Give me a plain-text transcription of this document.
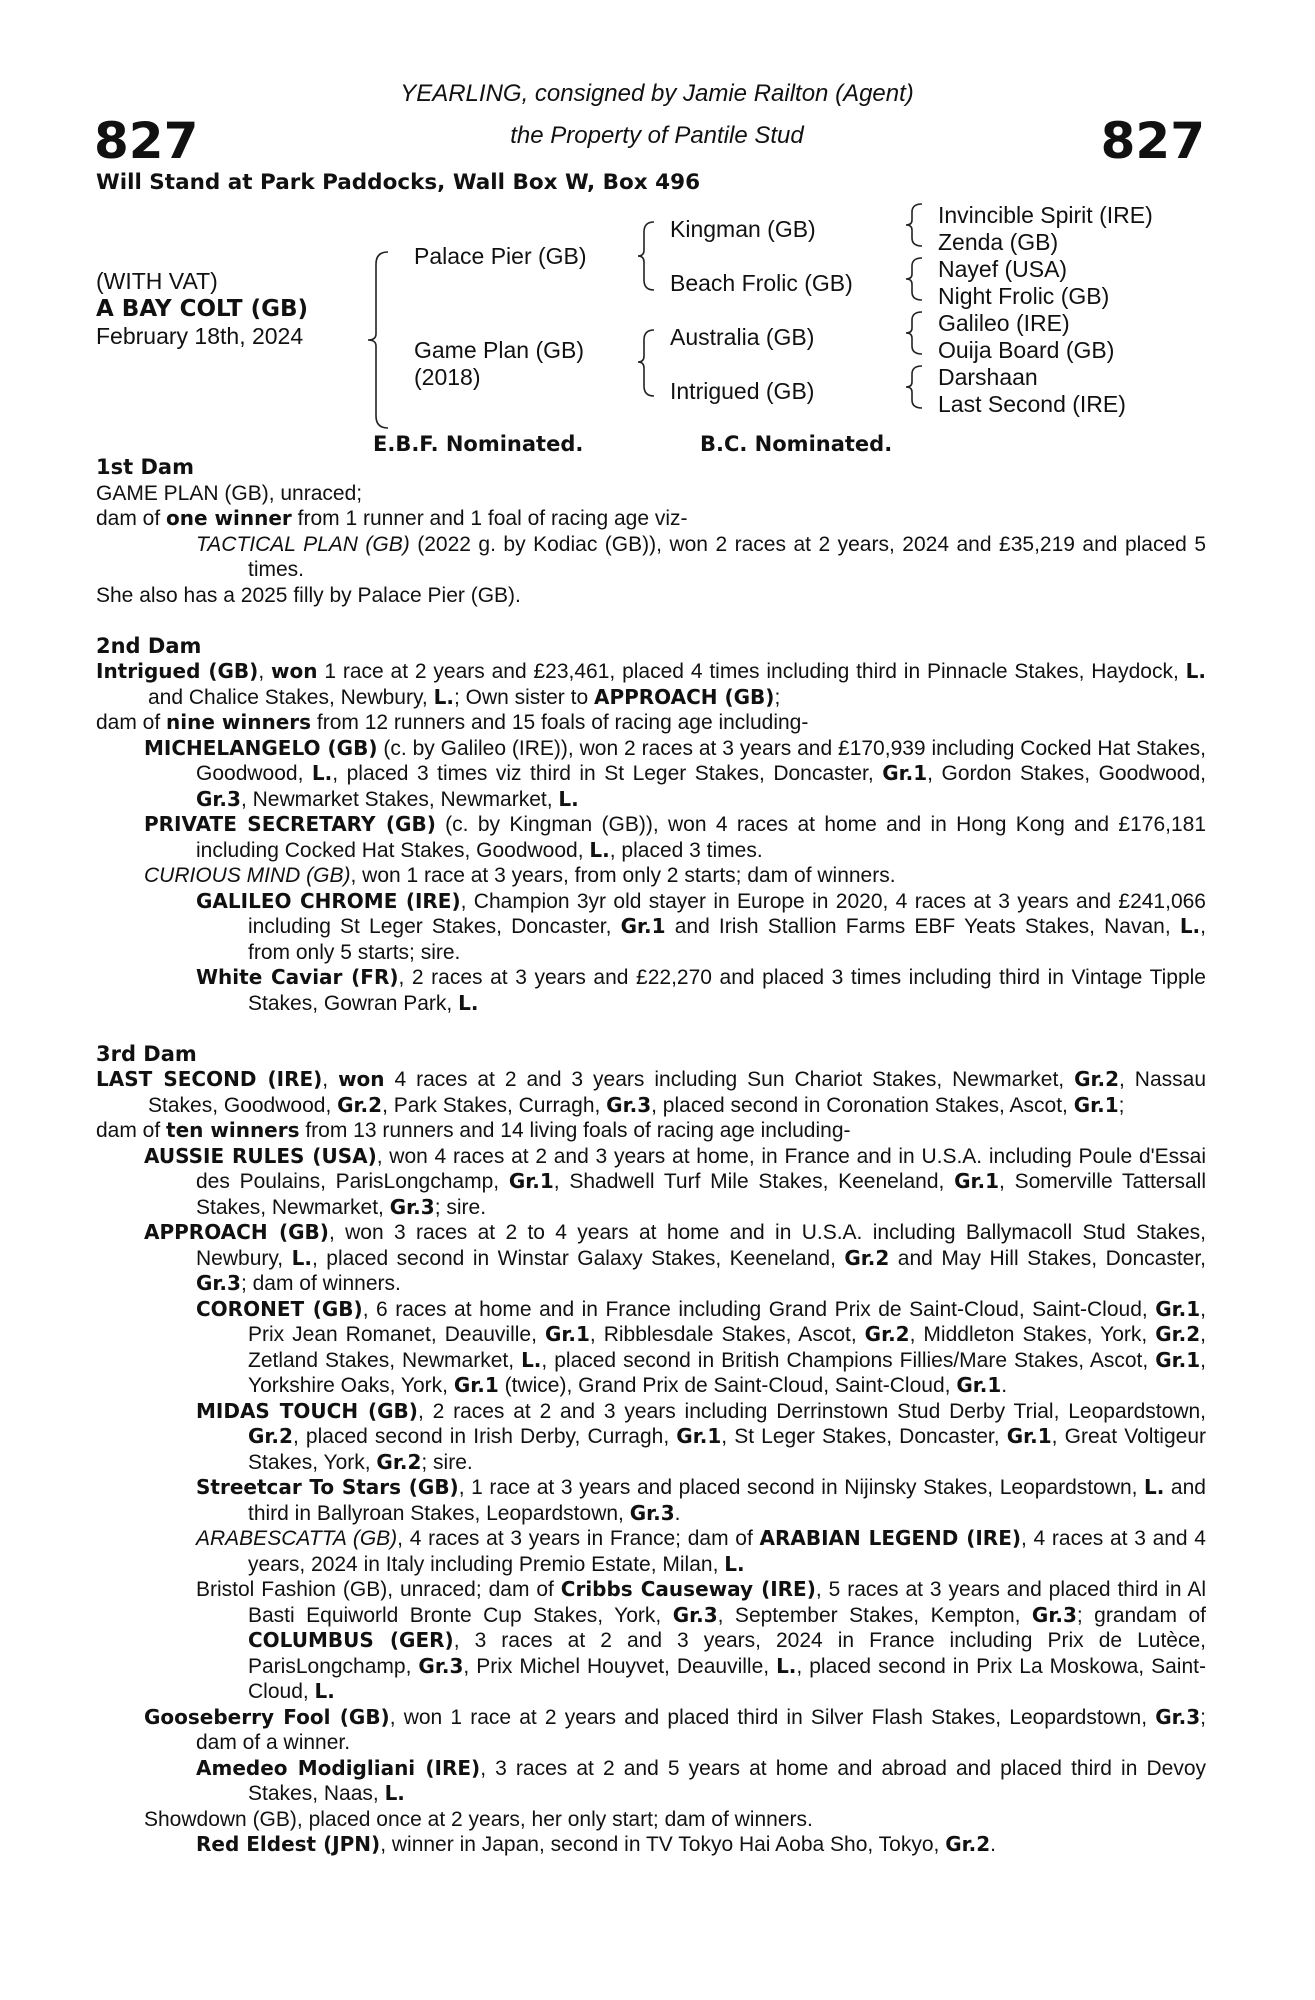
827	827
YEARLING, consigned by Jamie Railton (Agent)
the Property of Pantile Stud
Will Stand at Park Paddocks, Wall Box W, Box 496
(WITH VAT)
A BAY COLT (GB)
February 18th, 2024
Palace Pier (GB)
Game Plan (GB)
(2018)
Kingman (GB)
Beach Frolic (GB)
Australia (GB)
Intrigued (GB)
Invincible Spirit (IRE)
Zenda (GB)
Nayef (USA)
Night Frolic (GB)
Galileo (IRE)
Ouija Board (GB)
Darshaan
Last Second (IRE)
E.B.F. Nominated.	B.C. Nominated.

1st Dam

GAME PLAN (GB), unraced;

dam of one winner from 1 runner and 1 foal of racing age viz-

TACTICAL PLAN (GB) (2022 g. by Kodiac (GB)), won 2 races at 2 years, 2024 and £35,219 and placed 5 times.

She also has a 2025 filly by Palace Pier (GB).

2nd Dam

Intrigued (GB), won 1 race at 2 years and £23,461, placed 4 times including third in Pinnacle Stakes, Haydock, L. and Chalice Stakes, Newbury, L.; Own sister to APPROACH (GB);

dam of nine winners from 12 runners and 15 foals of racing age including-

MICHELANGELO (GB) (c. by Galileo (IRE)), won 2 races at 3 years and £170,939 including Cocked Hat Stakes, Goodwood, L., placed 3 times viz third in St Leger Stakes, Doncaster, Gr.1, Gordon Stakes, Goodwood, Gr.3, Newmarket Stakes, Newmarket, L.

PRIVATE SECRETARY (GB) (c. by Kingman (GB)), won 4 races at home and in Hong Kong and £176,181 including Cocked Hat Stakes, Goodwood, L., placed 3 times.

CURIOUS MIND (GB), won 1 race at 3 years, from only 2 starts; dam of winners.

GALILEO CHROME (IRE), Champion 3yr old stayer in Europe in 2020, 4 races at 3 years and £241,066 including St Leger Stakes, Doncaster, Gr.1 and Irish Stallion Farms EBF Yeats Stakes, Navan, L., from only 5 starts; sire.

White Caviar (FR), 2 races at 3 years and £22,270 and placed 3 times including third in Vintage Tipple Stakes, Gowran Park, L.

3rd Dam

LAST SECOND (IRE), won 4 races at 2 and 3 years including Sun Chariot Stakes, Newmarket, Gr.2, Nassau Stakes, Goodwood, Gr.2, Park Stakes, Curragh, Gr.3, placed second in Coronation Stakes, Ascot, Gr.1;

dam of ten winners from 13 runners and 14 living foals of racing age including-

AUSSIE RULES (USA), won 4 races at 2 and 3 years at home, in France and in U.S.A. including Poule d'Essai des Poulains, ParisLongchamp, Gr.1, Shadwell Turf Mile Stakes, Keeneland, Gr.1, Somerville Tattersall Stakes, Newmarket, Gr.3; sire.

APPROACH (GB), won 3 races at 2 to 4 years at home and in U.S.A. including Ballymacoll Stud Stakes, Newbury, L., placed second in Winstar Galaxy Stakes, Keeneland, Gr.2 and May Hill Stakes, Doncaster, Gr.3; dam of winners.

CORONET (GB), 6 races at home and in France including Grand Prix de Saint-Cloud, Saint-Cloud, Gr.1, Prix Jean Romanet, Deauville, Gr.1, Ribblesdale Stakes, Ascot, Gr.2, Middleton Stakes, York, Gr.2, Zetland Stakes, Newmarket, L., placed second in British Champions Fillies/Mare Stakes, Ascot, Gr.1, Yorkshire Oaks, York, Gr.1 (twice), Grand Prix de Saint-Cloud, Saint-Cloud, Gr.1.

MIDAS TOUCH (GB), 2 races at 2 and 3 years including Derrinstown Stud Derby Trial, Leopardstown, Gr.2, placed second in Irish Derby, Curragh, Gr.1, St Leger Stakes, Doncaster, Gr.1, Great Voltigeur Stakes, York, Gr.2; sire.

Streetcar To Stars (GB), 1 race at 3 years and placed second in Nijinsky Stakes, Leopardstown, L. and third in Ballyroan Stakes, Leopardstown, Gr.3.

ARABESCATTA (GB), 4 races at 3 years in France; dam of ARABIAN LEGEND (IRE), 4 races at 3 and 4 years, 2024 in Italy including Premio Estate, Milan, L.

Bristol Fashion (GB), unraced; dam of Cribbs Causeway (IRE), 5 races at 3 years and placed third in Al Basti Equiworld Bronte Cup Stakes, York, Gr.3, September Stakes, Kempton, Gr.3; grandam of COLUMBUS (GER), 3 races at 2 and 3 years, 2024 in France including Prix de Lutèce, ParisLongchamp, Gr.3, Prix Michel Houyvet, Deauville, L., placed second in Prix La Moskowa, Saint-Cloud, L.

Gooseberry Fool (GB), won 1 race at 2 years and placed third in Silver Flash Stakes, Leopardstown, Gr.3; dam of a winner.

Amedeo Modigliani (IRE), 3 races at 2 and 5 years at home and abroad and placed third in Devoy Stakes, Naas, L.

Showdown (GB), placed once at 2 years, her only start; dam of winners.

Red Eldest (JPN), winner in Japan, second in TV Tokyo Hai Aoba Sho, Tokyo, Gr.2.
